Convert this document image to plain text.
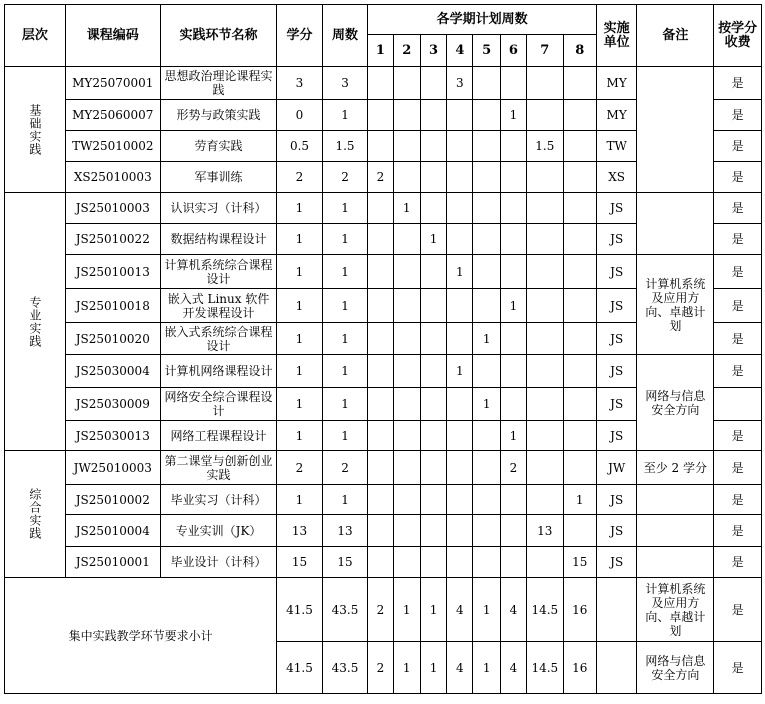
层次	课程编码	实践环节名称	学分	周数	各学期计划周数								实施单位	备注	按学分收费
					1	2	3	4	5	6	7	8			

基础实践	MY25070001	思想政治理论课程实践	3	3				3					MY		是
	MY25060007	形势与政策实践	0	1						1			MY		是
	TW25010002	劳育实践	0.5	1.5							1.5		TW		是
	XS25010003	军事训练	2	2	2								XS		是

专业实践	JS25010003	认识实习（计科）	1	1		1							JS		是
	JS25010022	数据结构课程设计	1	1			1						JS		是
	JS25010013	计算机系统综合课程设计	1	1				1					JS	计算机系统及应用方向、卓越计划	是
	JS25010018	嵌入式 Linux 软件开发课程设计	1	1						1			JS		是
	JS25010020	嵌入式系统综合课程设计	1	1					1				JS		是
	JS25030004	计算机网络课程设计	1	1				1					JS	网络与信息安全方向	是
	JS25030009	网络安全综合课程设计	1	1					1				JS		
	JS25030013	网络工程课程设计	1	1						1			JS		是

综合实践	JW25010003	第二课堂与创新创业实践	2	2						2			JW	至少 2 学分	是
	JS25010002	毕业实习（计科）	1	1								1	JS		是
	JS25010004	专业实训（JK）	13	13							13		JS		是
	JS25010001	毕业设计（计科）	15	15								15	JS		是
集中实践教学环节要求小计			41.5	43.5	2	1	1	4	1	4	14.5	16		计算机系统及应用方向、卓越计划	是
			41.5	43.5	2	1	1	4	1	4	14.5	16		网络与信息安全方向	是
